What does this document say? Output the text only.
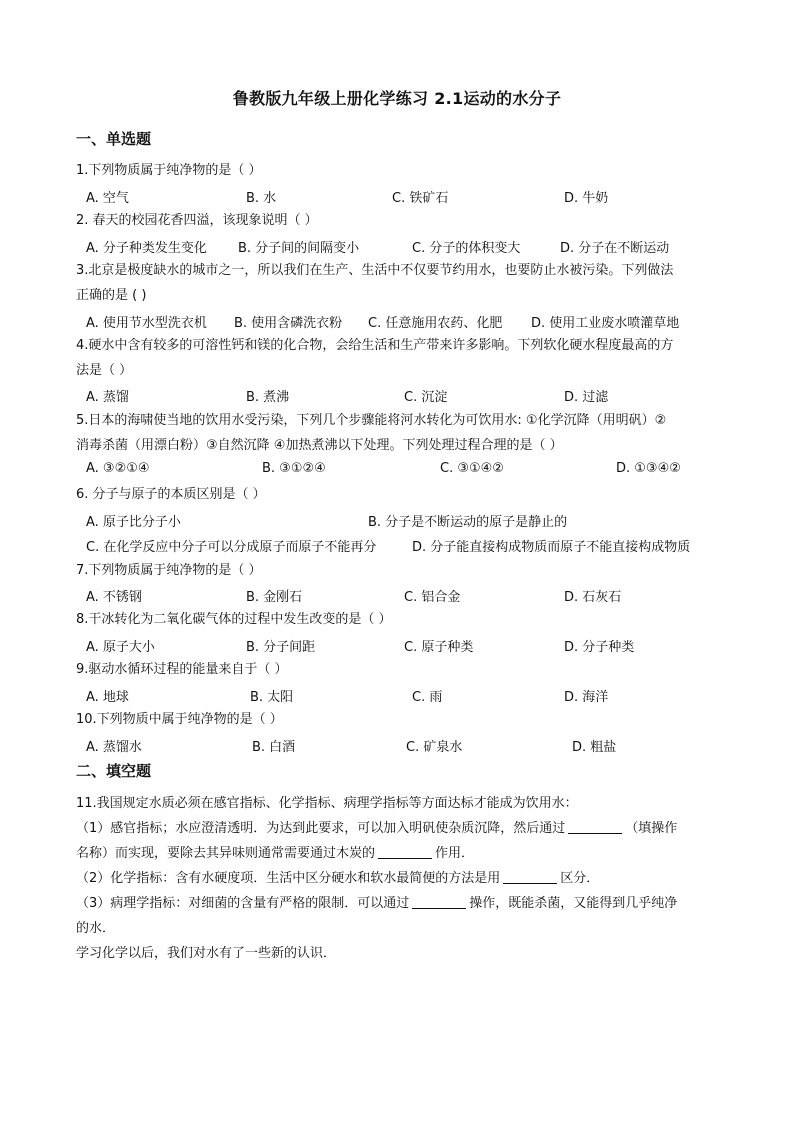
鲁教版九年级上册化学练习 2.1运动的水分子
一、单选题
1.下列物质属于纯净物的是（ ）
A. 空气	B. 水	C. 铁矿石	D. 牛奶
2. 春天的校园花香四溢，该现象说明（ ）
A. 分子种类发生变化 B. 分子间的间隔变小	C. 分子的体积变大	D. 分子在不断运动
3.北京是极度缺水的城市之一，所以我们在生产、生活中不仅要节约用水，也要防止水被污染。下列做法
正确的是 ( )
A. 使用节水型洗衣机 B. 使用含磷洗衣粉 C. 任意施用农药、化肥 D. 使用工业废水喷灌草地
4.硬水中含有较多的可溶性钙和镁的化合物，会给生活和生产带来许多影响。下列软化硬水程度最高的方
法是（ ）
A. 蒸馏	B. 煮沸	C. 沉淀	D. 过滤
5.日本的海啸使当地的饮用水受污染，下列几个步骤能将河水转化为可饮用水: ①化学沉降（用明矾）②
消毒杀菌（用漂白粉）③自然沉降 ④加热煮沸以下处理。下列处理过程合理的是（ ）
A. ③②①④	B. ③①②④	C. ③①④②	D. ①③④②
6. 分子与原子的本质区别是（ ）
A. 原子比分子小	B. 分子是不断运动的原子是静止的
C. 在化学反应中分子可以分成原子而原子不能再分	D. 分子能直接构成物质而原子不能直接构成物质
7.下列物质属于纯净物的是（ ）
A. 不锈钢	B. 金刚石	C. 铝合金	D. 石灰石
8.干冰转化为二氧化碳气体的过程中发生改变的是（ ）
A. 原子大小	B. 分子间距	C. 原子种类	D. 分子种类
9.驱动水循环过程的能量来自于（ ）
A. 地球	B. 太阳	C. 雨	D. 海洋
10.下列物质中属于纯净物的是（ ）
A. 蒸馏水	B. 白酒	C. 矿泉水	D. 粗盐
二、填空题
11.我国规定水质必须在感官指标、化学指标、病理学指标等方面达标才能成为饮用水：
（1）感官指标；水应澄清透明．为达到此要求，可以加入明矾使杂质沉降，然后通过	（填操作
名称）而实现，要除去其异味则通常需要通过木炭的	作用．
（2）化学指标：含有水硬度项．生活中区分硬水和软水最简便的方法是用	区分．
（3）病理学指标：对细菌的含量有严格的限制．可以通过	操作，既能杀菌，又能得到几乎纯净
的水．
学习化学以后，我们对水有了一些新的认识．
